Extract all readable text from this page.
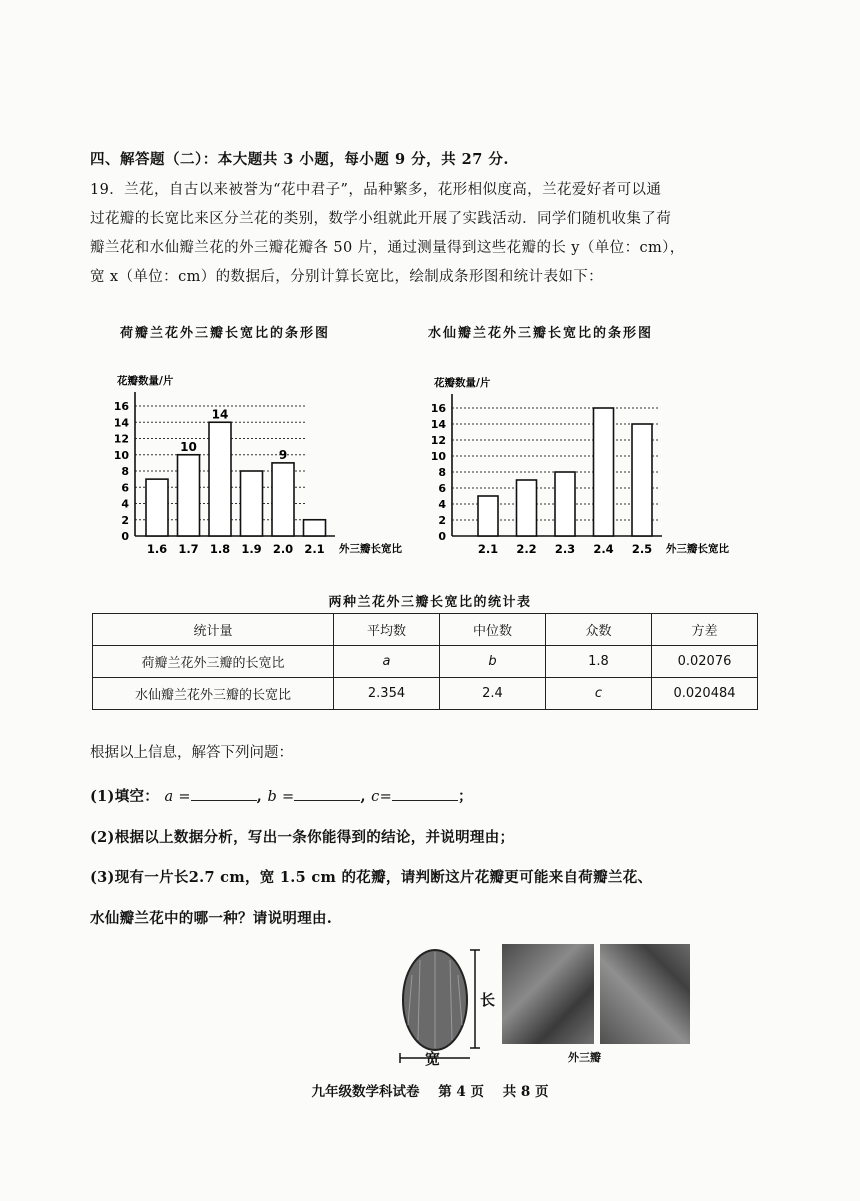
四、解答题（二）：本大题共 3 小题，每小题 9 分，共 27 分.

19．兰花，自古以来被誉为“花中君子”，品种繁多，花形相似度高，兰花爱好者可以通

过花瓣的长宽比来区分兰花的类别，数学小组就此开展了实践活动．同学们随机收集了荷

瓣兰花和水仙瓣兰花的外三瓣花瓣各 50 片，通过测量得到这些花瓣的长 y（单位：cm），

宽 x（单位：cm）的数据后，分别计算长宽比，绘制成条形图和统计表如下：

荷瓣兰花外三瓣长宽比的条形图	水仙瓣兰花外三瓣长宽比的条形图
花瓣数量/片
0
2
4
6
8
10
12
14
16
外三瓣长宽比
1.6 1.7
10
1.8
14
1.9 2.0
9
2.1
花瓣数量/片
0
2
4
6
8
10
12
14
16
外三瓣长宽比
2.1 2.2 2.3 2.4 2.5
两种兰花外三瓣长宽比的统计表
统计量	平均数	中位数	众数	方差
荷瓣兰花外三瓣的长宽比	a	b	1.8	0.02076
水仙瓣兰花外三瓣的长宽比	2.354	2.4	c	0.020484
根据以上信息，解答下列问题：
(1)填空： a =	, b =	, c=	；
(2)根据以上数据分析，写出一条你能得到的结论，并说明理由；
(3)现有一片长2.7 cm，宽 1.5 cm 的花瓣，请判断这片花瓣更可能来自荷瓣兰花、
水仙瓣兰花中的哪一种？请说明理由.
长
宽	外三瓣
九年级数学科试卷 第 4 页 共 8 页
